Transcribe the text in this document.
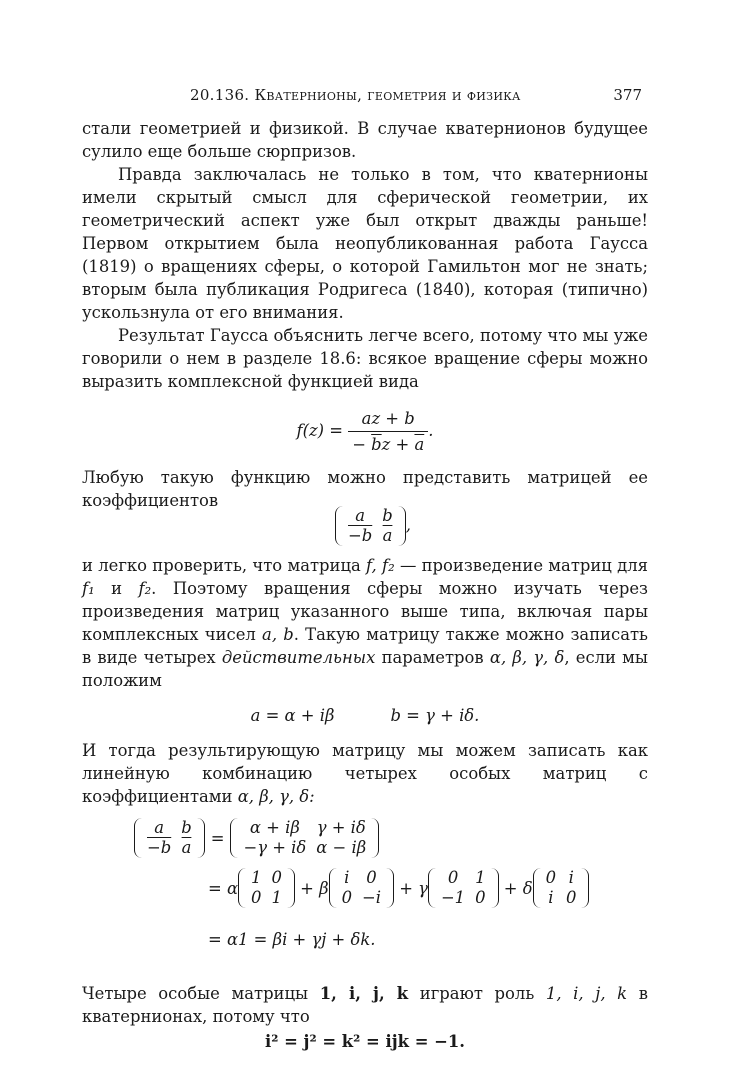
20.136. Кватернионы, геометрия и физика	377

стали геометрией и физикой. В случае кватернионов будущее сулило еще больше сюрпризов.

Правда заключалась не только в том, что кватернионы имели скрытый смысл для сферической геометрии, их геометрический аспект уже был открыт дважды раньше! Первом открытием была неопубликованная работа Гаусса (1819) о вращениях сферы, о которой Гамильтон мог не знать; вторым была публикация Родригеса (1840), которая (типично) ускользнула от его внимания.

Результат Гаусса объяснить легче всего, потому что мы уже говорили о нем в разделе 18.6: всякое вращение сферы можно выразить комплексной функцией вида

$f(z) = \frac{az + b}{- \overline{b}z + \overline{a}}$ .

Любую такую функцию можно представить матрицей ее коэффициентов

a	b
−b	$\overline{a}$
,

и легко проверить, что матрица f, f₂ — произведение матриц для f₁ и f₂. Поэтому вращения сферы можно изучать через произведения матриц указанного выше типа, включая пары комплексных чисел a, b. Такую матрицу также можно записать в виде четырех действительных параметров α, β, γ, δ, если мы положим

a = α + iβ	b = γ + iδ.

И тогда результирующую матрицу мы можем записать как линейную комбинацию четырех особых матриц с коэффициентами α, β, γ, δ:

a	b
−b	$\overline{a}$ =
α + iβ	γ + iδ
−γ + iδ	α − iβ
=
α
1	0
0	1
+
β
i	0
0	−i
+
γ
0	1
−1	0
+
δ
0	i
i	0
= α1 = βi + γj + δk.

Четыре особые матрицы 1, i, j, k играют роль 1, i, j, k в кватернионах, потому что

i² = j² = k² = ijk = −1.
